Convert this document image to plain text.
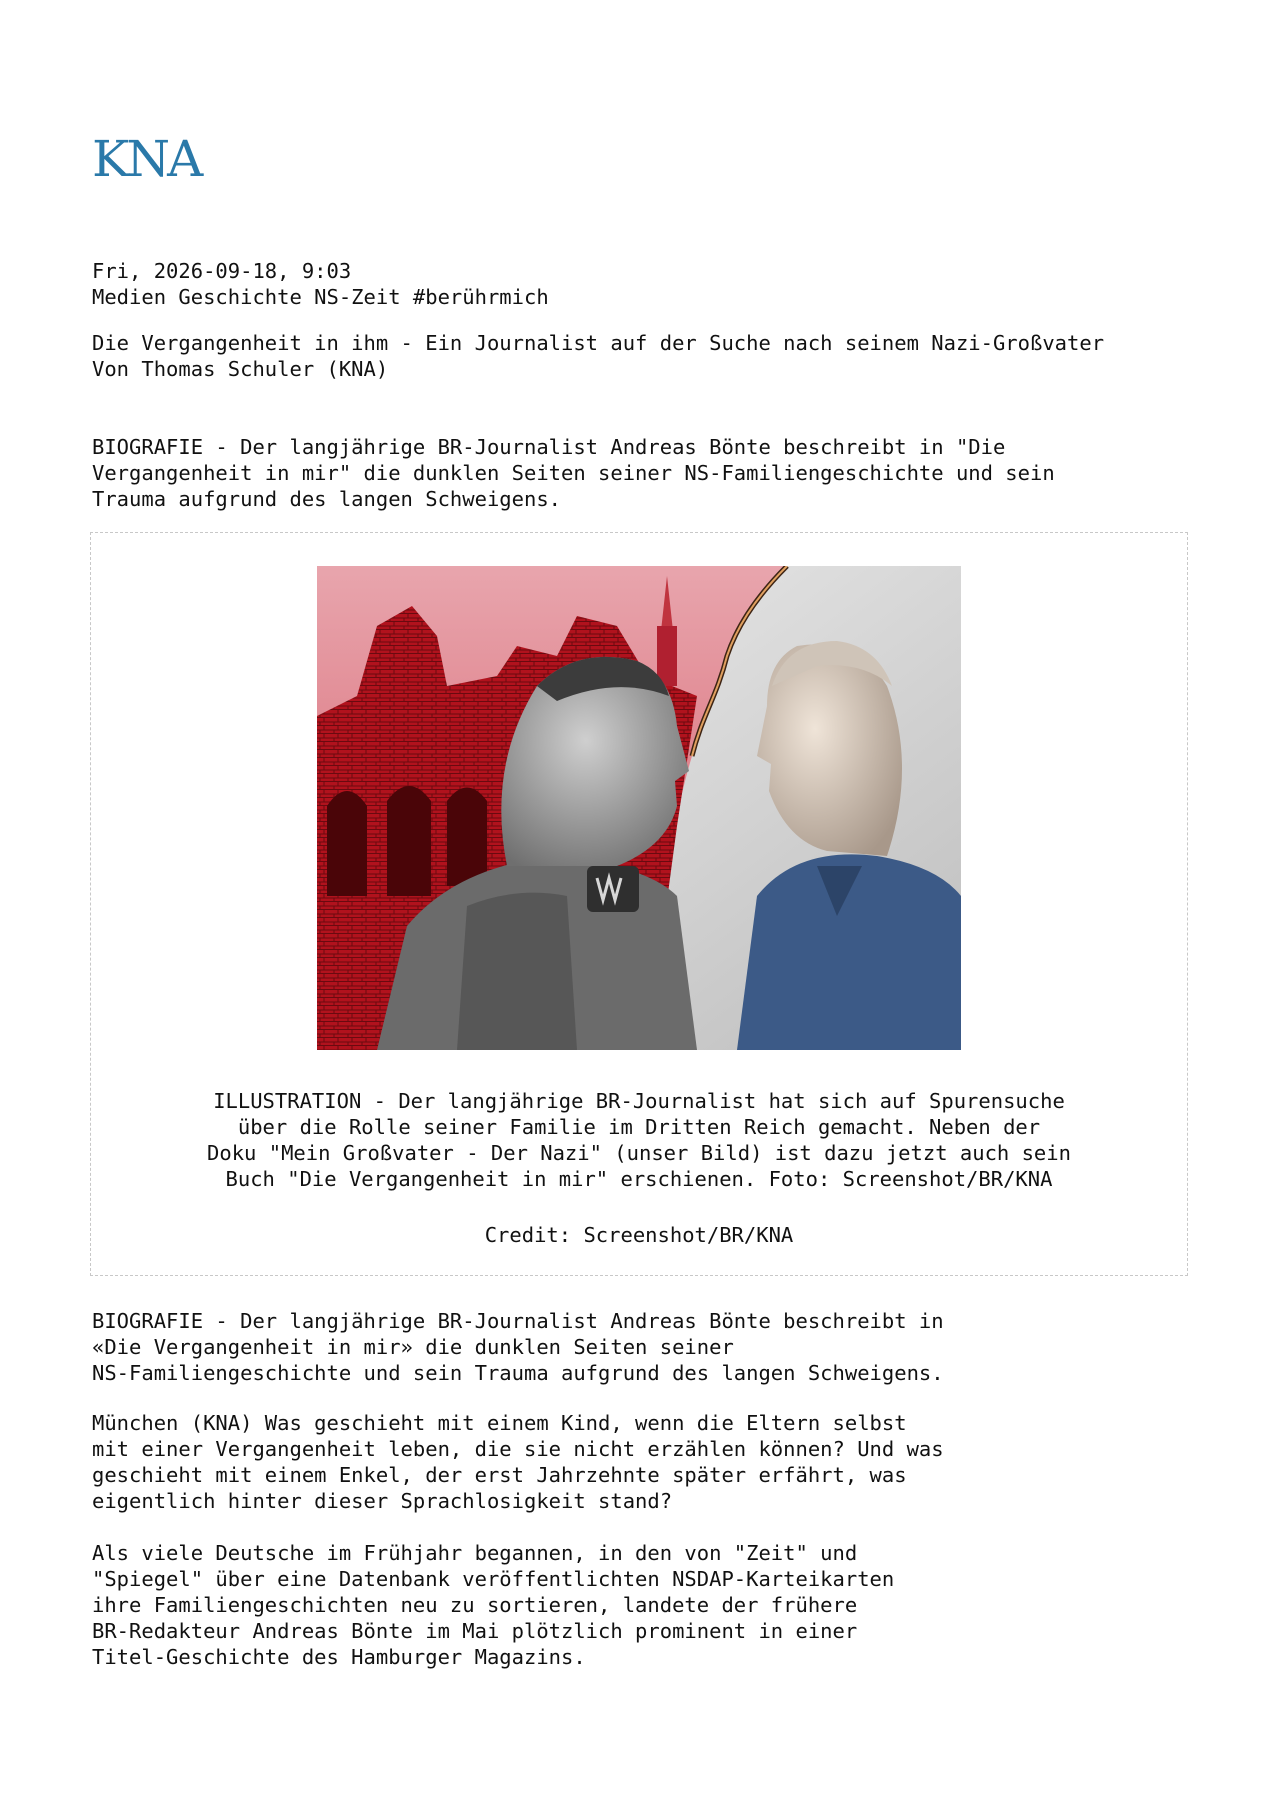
KNA
Fri, 2026-09-18, 9:03
Medien Geschichte NS-Zeit #berührmich
Die Vergangenheit in ihm - Ein Journalist auf der Suche nach seinem Nazi-Großvater
Von Thomas Schuler (KNA)
BIOGRAFIE - Der langjährige BR-Journalist Andreas Bönte beschreibt in "Die
Vergangenheit in mir" die dunklen Seiten seiner NS-Familiengeschichte und sein
Trauma aufgrund des langen Schweigens.
ILLUSTRATION - Der langjährige BR-Journalist hat sich auf Spurensuche
über die Rolle seiner Familie im Dritten Reich gemacht. Neben der
Doku "Mein Großvater - Der Nazi" (unser Bild) ist dazu jetzt auch sein
Buch "Die Vergangenheit in mir" erschienen. Foto: Screenshot/BR/KNA
Credit: Screenshot/BR/KNA
BIOGRAFIE - Der langjährige BR-Journalist Andreas Bönte beschreibt in
«Die Vergangenheit in mir» die dunklen Seiten seiner
NS-Familiengeschichte und sein Trauma aufgrund des langen Schweigens.
München (KNA) Was geschieht mit einem Kind, wenn die Eltern selbst
mit einer Vergangenheit leben, die sie nicht erzählen können? Und was
geschieht mit einem Enkel, der erst Jahrzehnte später erfährt, was
eigentlich hinter dieser Sprachlosigkeit stand?
Als viele Deutsche im Frühjahr begannen, in den von "Zeit" und
"Spiegel" über eine Datenbank veröffentlichten NSDAP-Karteikarten
ihre Familiengeschichten neu zu sortieren, landete der frühere
BR-Redakteur Andreas Bönte im Mai plötzlich prominent in einer
Titel-Geschichte des Hamburger Magazins.
